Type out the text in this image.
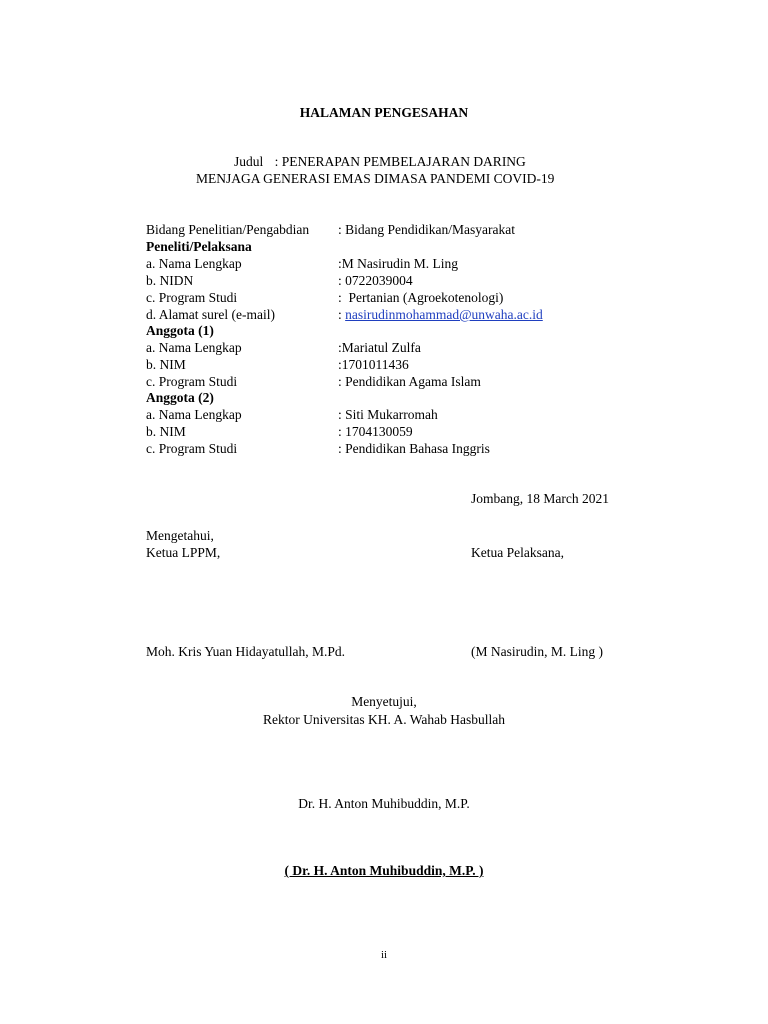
HALAMAN PENGESAHAN
Judul : PENERAPAN PEMBELAJARAN DARING
MENJAGA GENERASI EMAS DIMASA PANDEMI COVID-19
Bidang Penelitian/Pengabdian : Bidang Pendidikan/Masyarakat
Peneliti/Pelaksana
a. Nama Lengkap	:M Nasirudin M. Ling
b. NIDN	: 0722039004
c. Program Studi	:  Pertanian (Agroekotenologi)
d. Alamat surel (e-mail)	: nasirudinmohammad@unwaha.ac.id
Anggota (1)
a. Nama Lengkap	:Mariatul Zulfa
b. NIM	:1701011436
c. Program Studi	: Pendidikan Agama Islam
Anggota (2)
a. Nama Lengkap	: Siti Mukarromah
b. NIM	: 1704130059
c. Program Studi	: Pendidikan Bahasa Inggris
Jombang, 18 March 2021
Mengetahui,
Ketua LPPM,	Ketua Pelaksana,
Moh. Kris Yuan Hidayatullah, M.Pd.	(M Nasirudin, M. Ling )
Menyetujui,
Rektor Universitas KH. A. Wahab Hasbullah
Dr. H. Anton Muhibuddin, M.P.
( Dr. H. Anton Muhibuddin, M.P. )
ii
